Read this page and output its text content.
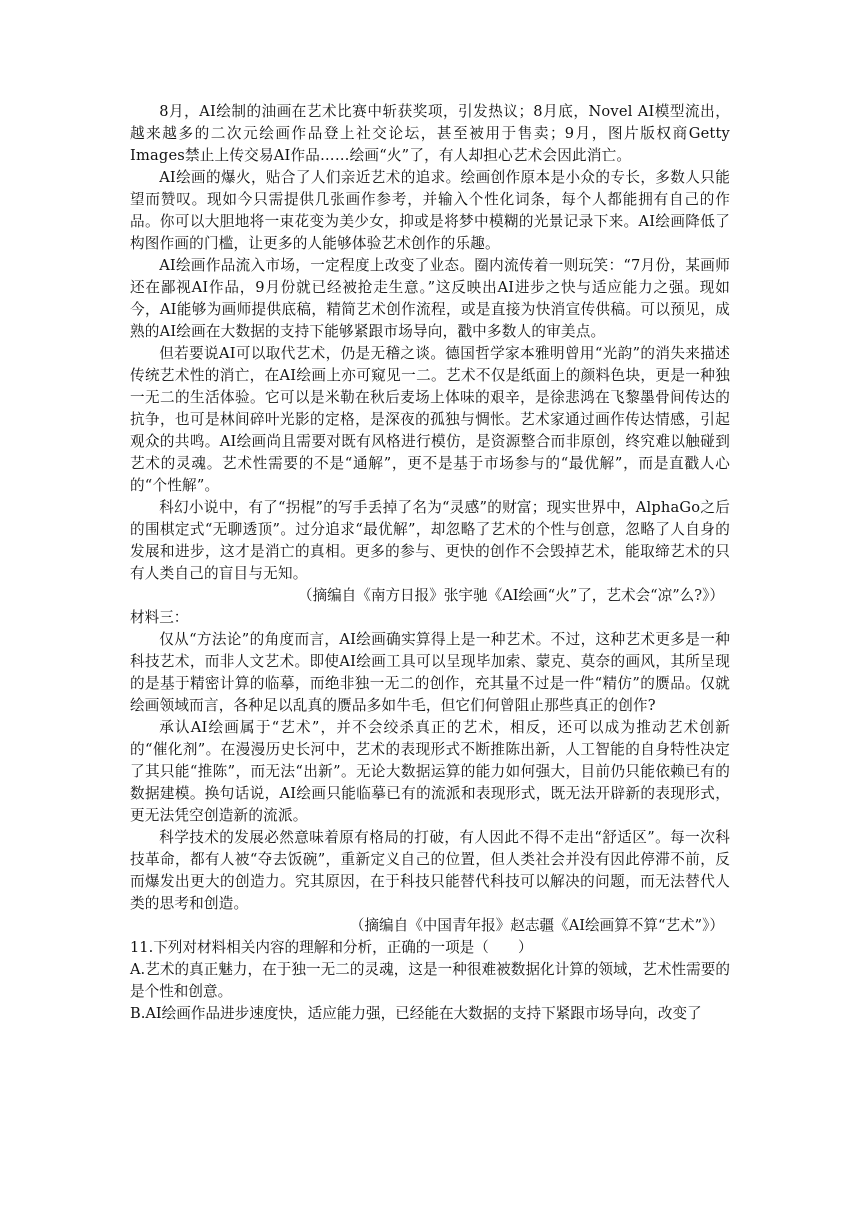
8月，AI绘制的油画在艺术比赛中斩获奖项，引发热议；8月底，Novel AI模型流出，越来越多的二次元绘画作品登上社交论坛，甚至被用于售卖；9月，图片版权商Getty Images禁止上传交易AI作品……绘画“火”了，有人却担心艺术会因此消亡。

AI绘画的爆火，贴合了人们亲近艺术的追求。绘画创作原本是小众的专长，多数人只能望而赞叹。现如今只需提供几张画作参考，并输入个性化词条，每个人都能拥有自己的作品。你可以大胆地将一束花变为美少女，抑或是将梦中模糊的光景记录下来。AI绘画降低了构图作画的门槛，让更多的人能够体验艺术创作的乐趣。

AI绘画作品流入市场，一定程度上改变了业态。圈内流传着一则玩笑：“7月份，某画师还在鄙视AI作品，9月份就已经被抢走生意。”这反映出AI进步之快与适应能力之强。现如今，AI能够为画师提供底稿，精简艺术创作流程，或是直接为快消宣传供稿。可以预见，成熟的AI绘画在大数据的支持下能够紧跟市场导向，戳中多数人的审美点。

但若要说AI可以取代艺术，仍是无稽之谈。德国哲学家本雅明曾用“光韵”的消失来描述传统艺术性的消亡，在AI绘画上亦可窥见一二。艺术不仅是纸面上的颜料色块，更是一种独一无二的生活体验。它可以是米勒在秋后麦场上体味的艰辛，是徐悲鸿在飞黎墨骨间传达的抗争，也可是林间碎叶光影的定格，是深夜的孤独与惆怅。艺术家通过画作传达情感，引起观众的共鸣。AI绘画尚且需要对既有风格进行模仿，是资源整合而非原创，终究难以触碰到艺术的灵魂。艺术性需要的不是“通解”，更不是基于市场参与的“最优解”，而是直戳人心的“个性解”。

科幻小说中，有了“拐棍”的写手丢掉了名为“灵感”的财富；现实世界中，AlphaGo之后的围棋定式“无聊透顶”。过分追求“最优解”，却忽略了艺术的个性与创意，忽略了人自身的发展和进步，这才是消亡的真相。更多的参与、更快的创作不会毁掉艺术，能取缔艺术的只有人类自己的盲目与无知。

（摘编自《南方日报》张宇驰《AI绘画“火”了，艺术会“凉”么?》）

材料三：

仅从“方法论”的角度而言，AI绘画确实算得上是一种艺术。不过，这种艺术更多是一种科技艺术，而非人文艺术。即使AI绘画工具可以呈现毕加索、蒙克、莫奈的画风，其所呈现的是基于精密计算的临摹，而绝非独一无二的创作，充其量不过是一件“精仿”的赝品。仅就绘画领域而言，各种足以乱真的赝品多如牛毛，但它们何曾阻止那些真正的创作?

承认AI绘画属于“艺术”，并不会绞杀真正的艺术，相反，还可以成为推动艺术创新的“催化剂”。在漫漫历史长河中，艺术的表现形式不断推陈出新，人工智能的自身特性决定了其只能“推陈”，而无法“出新”。无论大数据运算的能力如何强大，目前仍只能依赖已有的数据建模。换句话说，AI绘画只能临摹已有的流派和表现形式，既无法开辟新的表现形式，更无法凭空创造新的流派。

科学技术的发展必然意味着原有格局的打破，有人因此不得不走出“舒适区”。每一次科技革命，都有人被“夺去饭碗”，重新定义自己的位置，但人类社会并没有因此停滞不前，反而爆发出更大的创造力。究其原因，在于科技只能替代科技可以解决的问题，而无法替代人类的思考和创造。

（摘编自《中国青年报》赵志疆《AI绘画算不算“艺术”》）

11.下列对材料相关内容的理解和分析，正确的一项是（　　）

A.艺术的真正魅力，在于独一无二的灵魂，这是一种很难被数据化计算的领域，艺术性需要的是个性和创意。

B.AI绘画作品进步速度快，适应能力强，已经能在大数据的支持下紧跟市场导向，改变了
